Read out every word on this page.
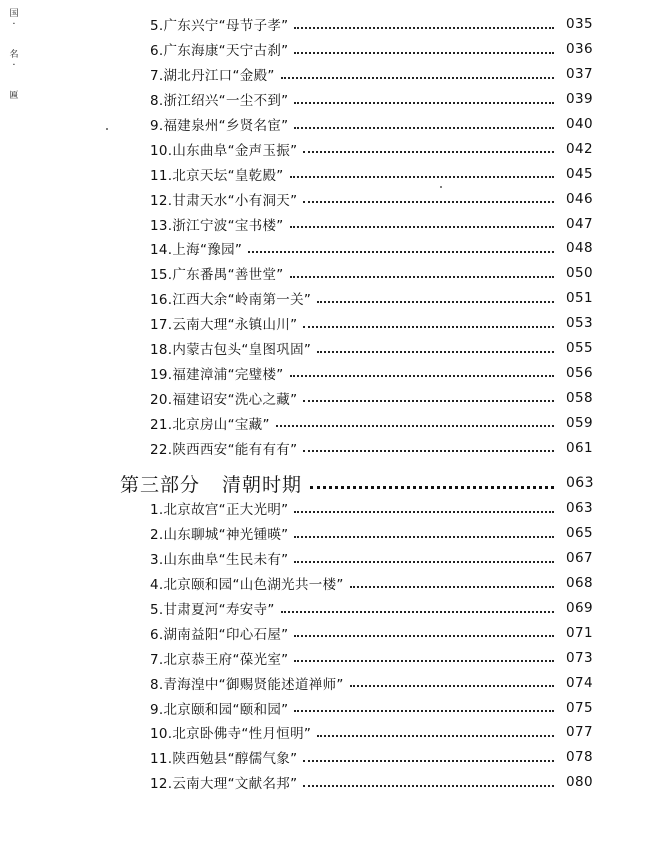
国
·
名
·
匾
5.广东兴宁“母节子孝”	035
6.广东海康“天宁古刹”	036
7.湖北丹江口“金殿”	037
8.浙江绍兴“一尘不到”	039
9.福建泉州“乡贤名宦”	040
10.山东曲阜“金声玉振”	042
11.北京天坛“皇乾殿”	045
12.甘肃天水“小有洞天”	046
13.浙江宁波“宝书楼”	047
14.上海“豫园”	048
15.广东番禺“善世堂”	050
16.江西大余“岭南第一关”	051
17.云南大理“永镇山川”	053
18.内蒙古包头“皇图巩固”	055
19.福建漳浦“完璧楼”	056
20.福建诏安“洗心之藏”	058
21.北京房山“宝藏”	059
22.陕西西安“能有有有”	061
第三部分 清朝时期	063
1.北京故宫“正大光明”	063
2.山东聊城“神光锺暎”	065
3.山东曲阜“生民未有”	067
4.北京颐和园“山色湖光共一楼”	068
5.甘肃夏河“寿安寺”	069
6.湖南益阳“印心石屋”	071
7.北京恭王府“葆光室”	073
8.青海湟中“御赐贤能述道禅师”	074
9.北京颐和园“颐和园”	075
10.北京卧佛寺“性月恒明”	077
11.陕西勉县“醇儒气象”	078
12.云南大理“文献名邦”	080
